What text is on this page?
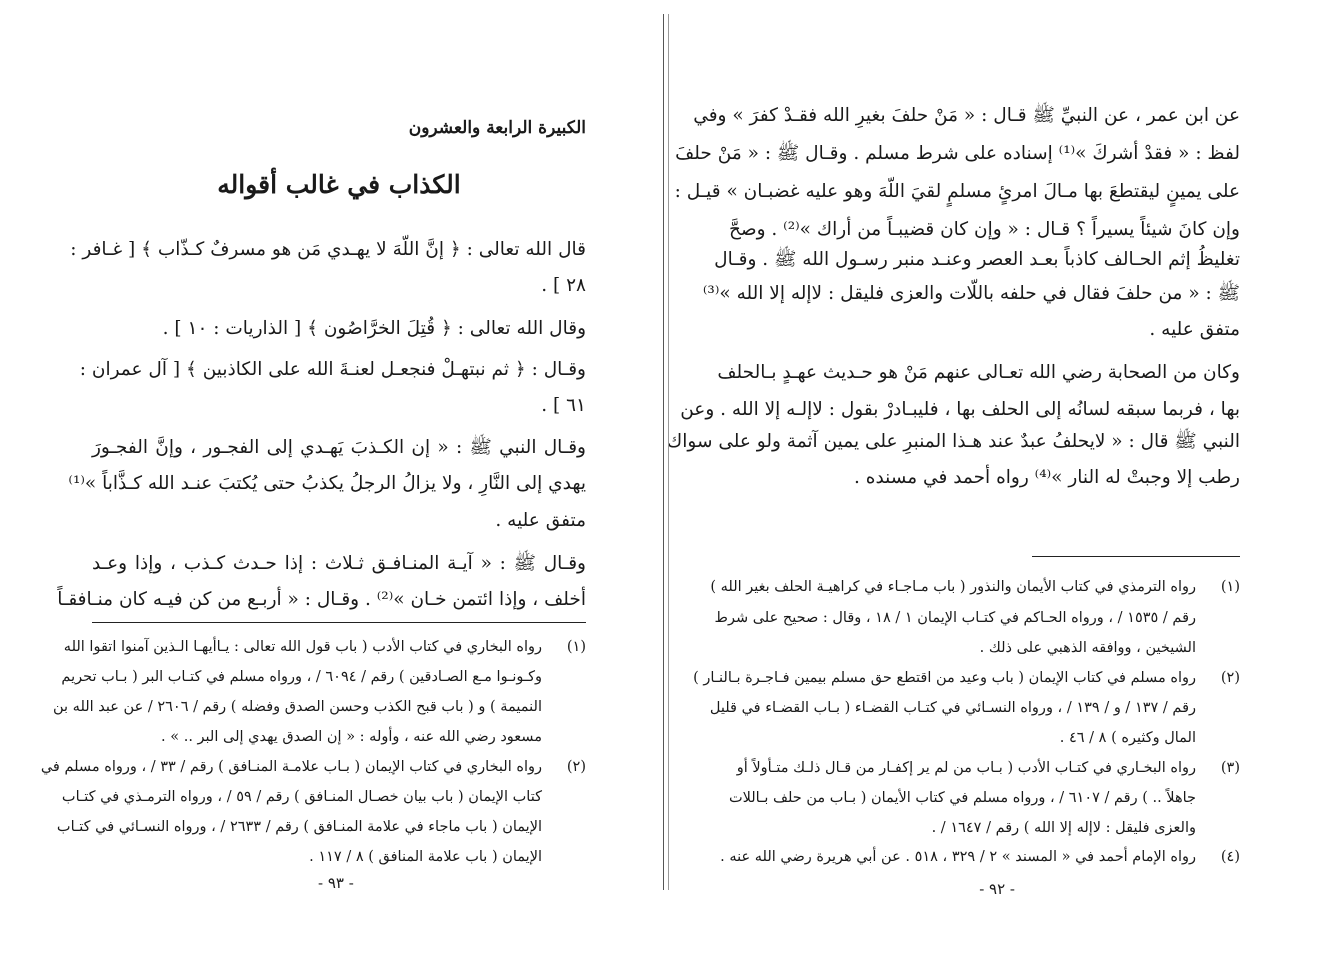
عن ابن عمر ، عن النبيِّ ﷺ قـال : « مَنْ حلفَ بغيرِ الله فقـدْ كفرَ » وفي
لفظ : « فقدْ أشركَ »⁽¹⁾ إسناده على شرط مسلم . وقـال ﷺ : « مَنْ حلفَ
على يمينٍ ليقتطعَ بها مـالَ امرئٍ مسلمٍ لقيَ اللّهَ وهو عليه غضبـان » قيـل :
وإن كانَ شيئاً يسيراً ؟ قـال : « وإن كان قضيبـاً من أراك »⁽²⁾ . وصحَّ
تغليظُ إثم الحـالف كاذباً بعـد العصر وعنـد منبر رسـول الله ﷺ . وقـال
ﷺ : « من حلفَ فقال في حلفه باللّات والعزى فليقل : لاإله إلا الله »⁽³⁾
متفق عليه .
وكان من الصحابة رضي الله تعـالى عنهم مَنْ هو حـديث عهـدٍ بـالحلف
بها ، فربما سبقه لسانُه إلى الحلف بها ، فليبـادرْ بقول : لاإلـه إلا الله . وعن
النبي ﷺ قال : « لايحلفُ عبدٌ عند هـذا المنبرِ على يمين آثمة ولو على سواك
رطب إلا وجبتْ له النار »⁽⁴⁾ رواه أحمد في مسنده .
(١)
رواه الترمذي في كتاب الأيمان والنذور ( باب مـاجـاء في كراهيـة الحلف بغير الله )
رقم / ١٥٣٥ / ، ورواه الحـاكم في كتـاب الإيمان ١ / ١٨ ، وقال : صحيح على شرط
الشيخين ، ووافقه الذهبي على ذلك .
(٢)
رواه مسلم في كتاب الإيمان ( باب وعيد من اقتطع حق مسلم بيمين فـاجـرة بـالنـار )
رقم / ١٣٧ / و / ١٣٩ / ، ورواه النسـائي في كتـاب القضـاء ( بـاب القضـاء في قليل
المال وكثيره ) ٨ / ٤٦ .
(٣)
رواه البخـاري في كتـاب الأدب ( بـاب من لم ير إكفـار من قـال ذلـك متـأولاً أو
جاهلاً .. ) رقم / ٦١٠٧ / ، ورواه مسلم في كتاب الأيمان ( بـاب من حلف بـاللات
والعزى فليقل : لاإله إلا الله ) رقم / ١٦٤٧ / .
(٤)
رواه الإمام أحمد في « المسند » ٢ / ٣٢٩ ، ٥١٨ . عن أبي هريرة رضي الله عنه .
- ٩٢ -
الكبيرة الرابعة والعشرون
الكذاب في غالب أقواله
قال الله تعالى : ﴿ إنَّ اللّهَ لا يهـدي مَن هو مسرفٌ كـذّاب ﴾ [ غـافر :
٢٨ ] .
وقال الله تعالى : ﴿ قُتِلَ الخرَّاصُون ﴾ [ الذاريات : ١٠ ] .
وقـال : ﴿ ثم نبتهـلْ فنجعـل لعنـةَ الله على الكاذبين ﴾ [ آل عمران :
٦١ ] .
وقـال النبي ﷺ : « إن الكـذبَ يَهـدي إلى الفجـور ، وإنَّ الفجـورَ
يهدي إلى النَّارِ ، ولا يزالُ الرجلُ يكذبُ حتى يُكتبَ عنـد الله كـذَّاباً »⁽¹⁾
متفق عليه .
وقـال ﷺ : « آيـة المنـافـق ثـلاث : إذا حـدث كـذب ، وإذا وعـد
أخلف ، وإذا ائتمن خـان »⁽²⁾ . وقـال : « أربـع من كن فيـه كان منـافقـاً
(١)
رواه البخاري في كتاب الأدب ( باب قول الله تعالى : يـاأيهـا الـذين آمنوا اتقوا الله
وكـونـوا مـع الصـادقين ) رقم / ٦٠٩٤ / ، ورواه مسلم في كتـاب البر ( بـاب تحريم
النميمة ) و ( باب قبح الكذب وحسن الصدق وفضله ) رقم / ٢٦٠٦ / عن عبد الله بن
مسعود رضي الله عنه ، وأوله : « إن الصدق يهدي إلى البر .. » .
(٢)
رواه البخاري في كتاب الإيمان ( بـاب علامـة المنـافق ) رقم / ٣٣ / ، ورواه مسلم في
كتاب الإيمان ( باب بيان خصـال المنـافق ) رقم / ٥٩ / ، ورواه الترمـذي في كتـاب
الإيمان ( باب ماجاء في علامة المنـافق ) رقم / ٢٦٣٣ / ، ورواه النسـائي في كتـاب
الإيمان ( باب علامة المنافق ) ٨ / ١١٧ .
- ٩٣ -
